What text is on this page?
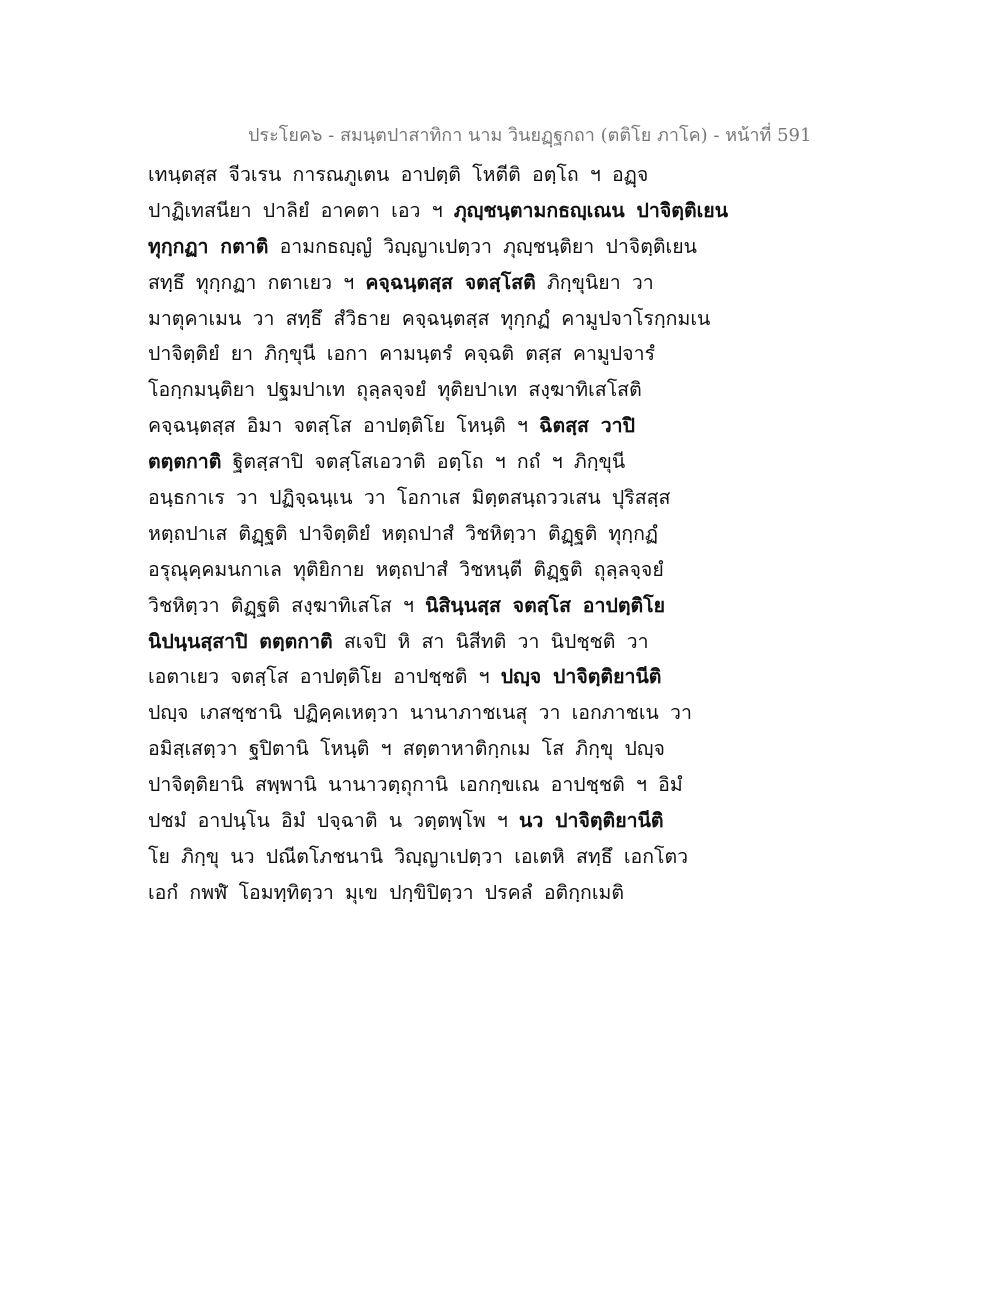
ประโยค๖ - สมนฺตปาสาทิกา นาม วินยฏฺฐกถา (ตติโย ภาโค) - หน้าที่ 591
เทนฺตสฺส จีวเรน การณภูเตน อาปตฺติ โหตีติ อตฺโถ ฯ อฏฺจ
ปาฏิเทสนียา ปาลิยํ อาคตา เอว ฯ ภุญฺชนฺตามกธญฺเณน ปาจิตฺติเยน
ทุกฺกฏา กตาติ อามกธญฺญํ วิญฺญาเปตฺวา ภุญฺชนฺติยา ปาจิตฺติเยน
สทฺธึ ทุกฺกฏา กตาเยว ฯ คจฺฉนฺตสฺส จตสฺโสติ ภิกฺขุนิยา วา
มาตุคาเมน วา สทฺธึ สํวิธาย คจฺฉนฺตสฺส ทุกฺกฏํ คามูปจาโรกฺกมเน
ปาจิตฺติยํ ยา ภิกฺขุนี เอกา คามนฺตรํ คจฺฉติ ตสฺส คามูปจารํ
โอกฺกมนฺติยา ปฐมปาเท ถุลฺลจฺจยํ ทุติยปาเท สงฺฆาทิเสโสติ
คจฺฉนฺตสฺส อิมา จตสฺโส อาปตฺติโย โหนฺติ ฯ ฉิตสฺส วาปิ
ตตฺตกาติ ฐิตสฺสาปิ จตสฺโสเอวาติ อตฺโถ ฯ กถํ ฯ ภิกฺขุนี
อนฺธกาเร วา ปฏิจฺฉนฺเน วา โอกาเส มิตฺตสนฺถววเสน ปุริสสฺส
หตฺถปาเส ติฏฺฐติ ปาจิตฺติยํ หตฺถปาสํ วิชหิตฺวา ติฏฺฐติ ทุกฺกฏํ
อรุณุคฺคมนกาเล ทุติยิกาย หตฺถปาสํ วิชหนฺตี ติฏฺฐติ ถุลฺลจฺจยํ
วิชหิตฺวา ติฏฺฐติ สงฺฆาทิเสโส ฯ นิสินฺนสฺส จตสฺโส อาปตฺติโย
นิปนฺนสฺสาปิ ตตฺตกาติ สเจปิ หิ สา นิสีทติ วา นิปชฺชติ วา
เอตาเยว จตสฺโส อาปตฺติโย อาปชฺชติ ฯ ปญฺจ ปาจิตฺติยานีติ
ปญฺจ เภสชฺชานิ ปฏิคฺคเหตฺวา นานาภาชเนสุ วา เอกภาชเน วา
อมิสฺเสตฺวา ฐปิตานิ โหนฺติ ฯ สตฺตาหาติกฺกเม โส ภิกฺขุ ปญฺจ
ปาจิตฺติยานิ สพฺพานิ นานาวตฺถุกานิ เอกกฺขเณ อาปชฺชติ ฯ อิมํ
ปชมํ อาปนฺโน อิมํ ปจฺฉาติ น วตฺตพฺโพ ฯ นว ปาจิตฺติยานีติ
โย ภิกฺขุ นว ปณีตโภชนานิ วิญฺญาเปตฺวา เอเตหิ สทฺธึ เอกโตว
เอกํ กพฬํ โอมทฺทิตฺวา มุเข ปกฺขิปิตฺวา ปรคลํ อติกฺกเมติ
